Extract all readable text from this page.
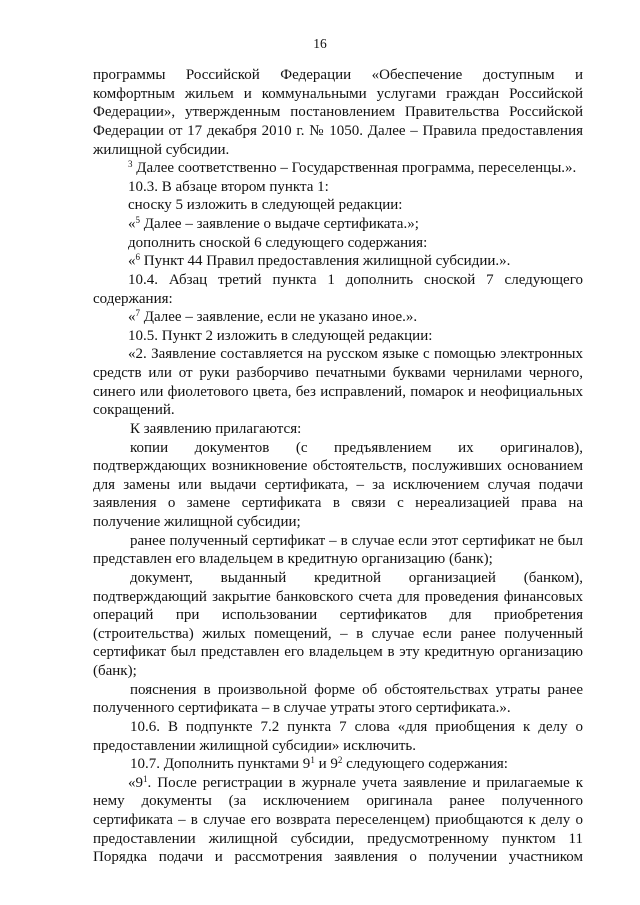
16

программы Российской Федерации «Обеспечение доступным и комфортным жильем и коммунальными услугами граждан Российской Федерации», утвержденным постановлением Правительства Российской Федерации от 17 декабря 2010 г. № 1050. Далее – Правила предоставления жилищной субсидии.

$^3$ Далее соответственно – Государственная программа, переселенцы.».

10.3. В абзаце втором пункта 1:

сноску 5 изложить в следующей редакции:

«$^5$ Далее – заявление о выдаче сертификата.»;

дополнить сноской 6 следующего содержания:

«$^6$ Пункт 44 Правил предоставления жилищной субсидии.».

10.4. Абзац третий пункта 1 дополнить сноской 7 следующего содержания:

«$^7$ Далее – заявление, если не указано иное.».

10.5. Пункт 2 изложить в следующей редакции:

«2. Заявление составляется на русском языке с помощью электронных средств или от руки разборчиво печатными буквами чернилами черного, синего или фиолетового цвета, без исправлений, помарок и неофициальных сокращений.

К заявлению прилагаются:

копии документов (с предъявлением их оригиналов), подтверждающих возникновение обстоятельств, послуживших основанием для замены или выдачи сертификата, – за исключением случая подачи заявления о замене сертификата в связи с нереализацией права на получение жилищной субсидии;

ранее полученный сертификат – в случае если этот сертификат не был представлен его владельцем в кредитную организацию (банк);

документ, выданный кредитной организацией (банком), подтверждающий закрытие банковского счета для проведения финансовых операций при использовании сертификатов для приобретения (строительства) жилых помещений, – в случае если ранее полученный сертификат был представлен его владельцем в эту кредитную организацию (банк);

пояснения в произвольной форме об обстоятельствах утраты ранее полученного сертификата – в случае утраты этого сертификата.».

10.6. В подпункте 7.2 пункта 7 слова «для приобщения к делу о предоставлении жилищной субсидии» исключить.

10.7. Дополнить пунктами $9^1$ и $9^2$ следующего содержания:

«$9^1$. После регистрации в журнале учета заявление и прилагаемые к нему документы (за исключением оригинала ранее полученного сертификата – в случае его возврата переселенцем) приобщаются к делу о предоставлении жилищной субсидии, предусмотренному пунктом 11 Порядка подачи и рассмотрения заявления о получении участником
